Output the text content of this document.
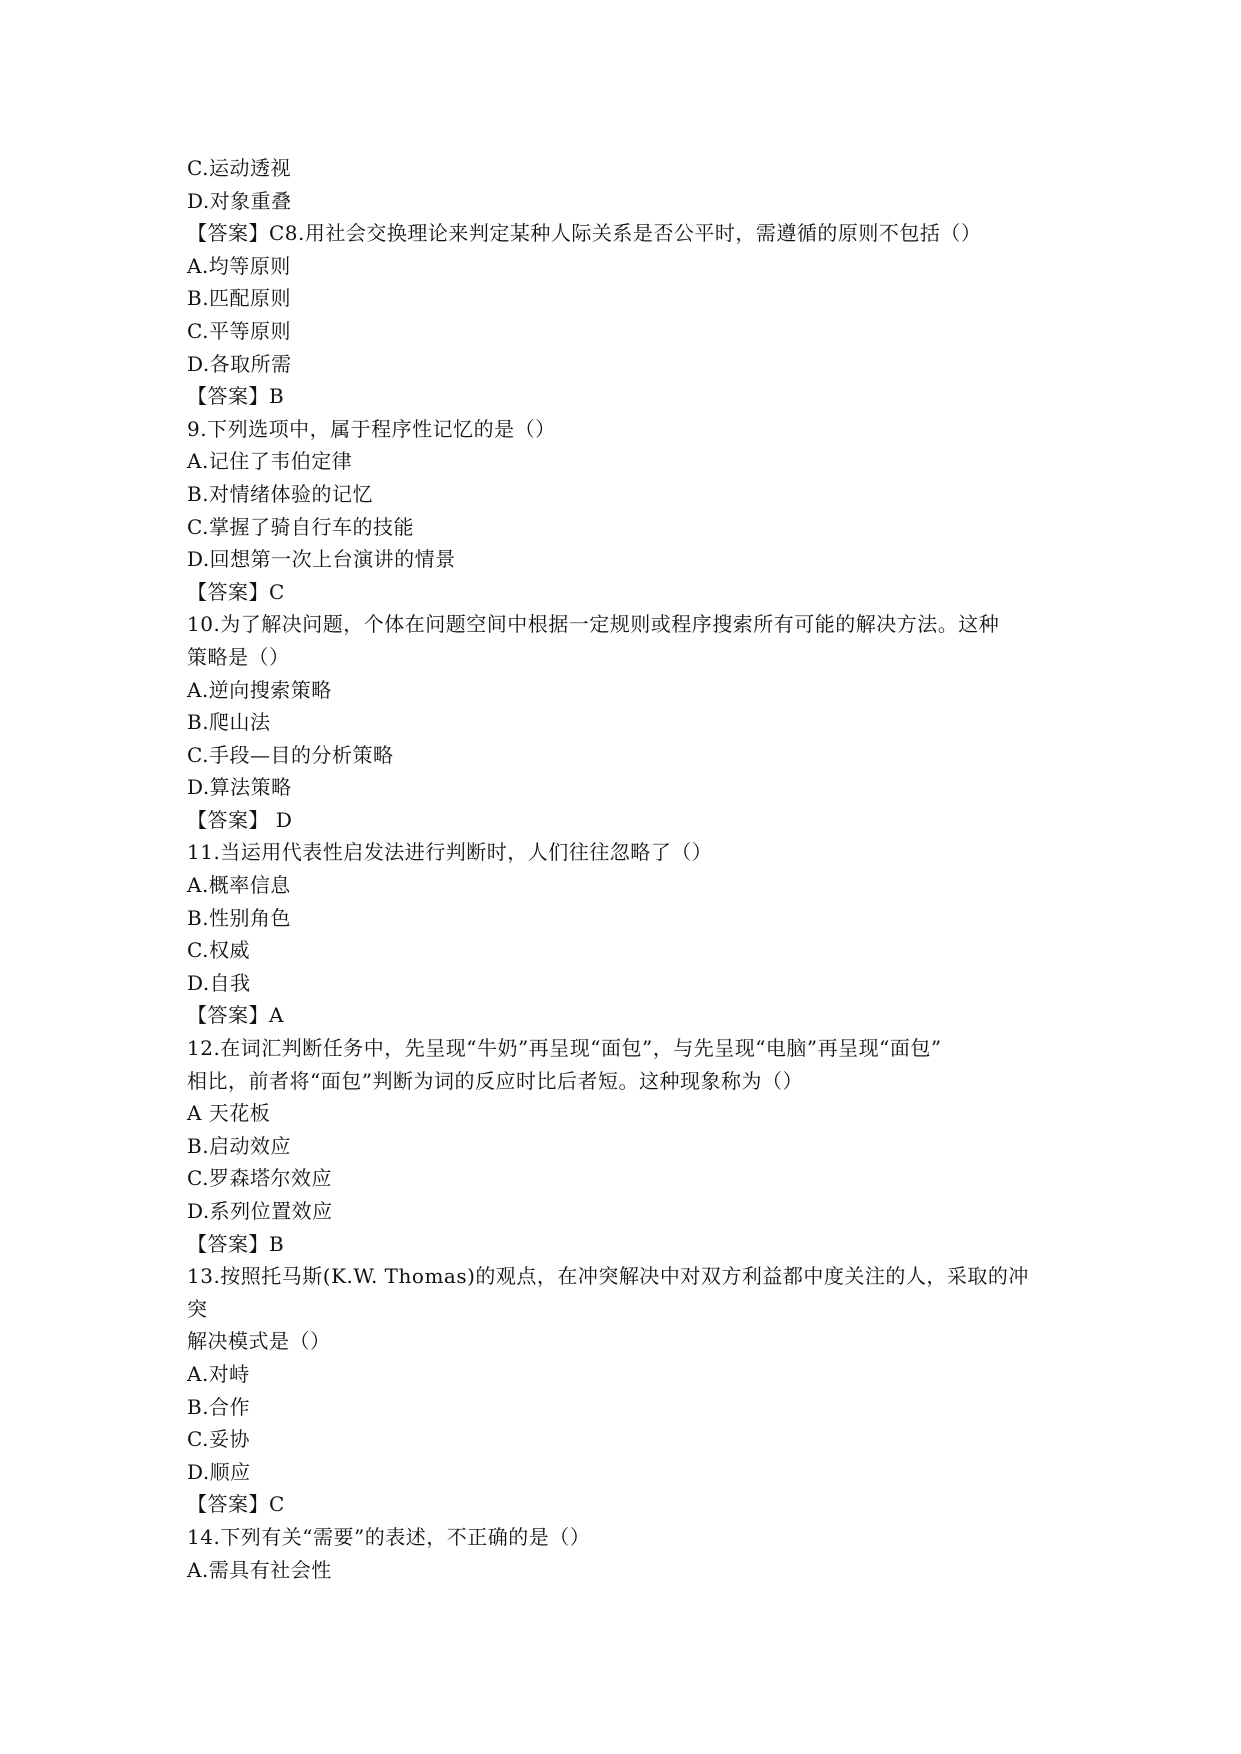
C.运动透视
D.对象重叠
【答案】C8.用社会交换理论来判定某种人际关系是否公平时，需遵循的原则不包括（）
A.均等原则
B.匹配原则
C.平等原则
D.各取所需
【答案】B
9.下列选项中，属于程序性记忆的是（）
A.记住了韦伯定律
B.对情绪体验的记忆
C.掌握了骑自行车的技能
D.回想第一次上台演讲的情景
【答案】C
10.为了解决问题，个体在问题空间中根据一定规则或程序搜索所有可能的解决方法。这种
策略是（）
A.逆向搜索策略
B.爬山法
C.手段—目的分析策略
D.算法策略
【答案】 D
11.当运用代表性启发法进行判断时，人们往往忽略了（）
A.概率信息
B.性别角色
C.权威
D.自我
【答案】A
12.在词汇判断任务中，先呈现“牛奶”再呈现“面包”，与先呈现“电脑”再呈现“面包”
相比，前者将“面包”判断为词的反应时比后者短。这种现象称为（）
A 天花板
B.启动效应
C.罗森塔尔效应
D.系列位置效应
【答案】B
13.按照托马斯(K.W. Thomas)的观点，在冲突解决中对双方利益都中度关注的人，采取的冲
突
解决模式是（）
A.对峙
B.合作
C.妥协
D.顺应
【答案】C
14.下列有关“需要”的表述，不正确的是（）
A.需具有社会性
